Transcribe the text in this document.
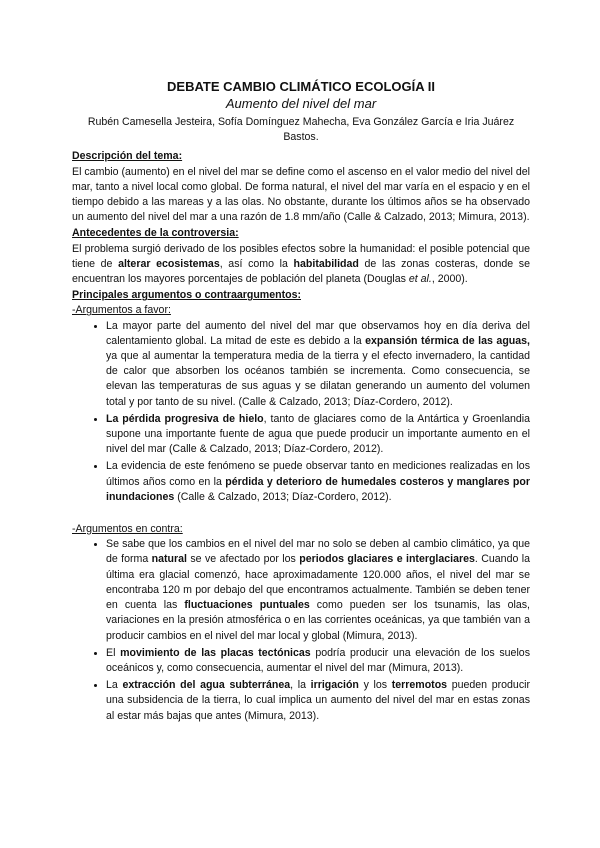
DEBATE CAMBIO CLIMÁTICO ECOLOGÍA II
Aumento del nivel del mar
Rubén Camesella Jesteira, Sofía Domínguez Mahecha, Eva González García e Iria Juárez Bastos.
Descripción del tema:

El cambio (aumento) en el nivel del mar se define como el ascenso en el valor medio del nivel del mar, tanto a nivel local como global. De forma natural, el nivel del mar varía en el espacio y en el tiempo debido a las mareas y a las olas. No obstante, durante los últimos años se ha observado un aumento del nivel del mar a una razón de 1.8 mm/año (Calle & Calzado, 2013; Mimura, 2013).

Antecedentes de la controversia:

El problema surgió derivado de los posibles efectos sobre la humanidad: el posible potencial que tiene de alterar ecosistemas, así como la habitabilidad de las zonas costeras, donde se encuentran los mayores porcentajes de población del planeta (Douglas et al., 2000).

Principales argumentos o contraargumentos:
-Argumentos a favor:
• La mayor parte del aumento del nivel del mar que observamos hoy en día deriva del calentamiento global. La mitad de este es debido a la expansión térmica de las aguas, ya que al aumentar la temperatura media de la tierra y el efecto invernadero, la cantidad de calor que absorben los océanos también se incrementa. Como consecuencia, se elevan las temperaturas de sus aguas y se dilatan generando un aumento del volumen total y por tanto de su nivel. (Calle & Calzado, 2013; Díaz-Cordero, 2012).
• La pérdida progresiva de hielo, tanto de glaciares como de la Antártica y Groenlandia supone una importante fuente de agua que puede producir un importante aumento en el nivel del mar (Calle & Calzado, 2013; Díaz-Cordero, 2012).
• La evidencia de este fenómeno se puede observar tanto en mediciones realizadas en los últimos años como en la pérdida y deterioro de humedales costeros y manglares por inundaciones (Calle & Calzado, 2013; Díaz-Cordero, 2012).
-Argumentos en contra:
• Se sabe que los cambios en el nivel del mar no solo se deben al cambio climático, ya que de forma natural se ve afectado por los periodos glaciares e interglaciares. Cuando la última era glacial comenzó, hace aproximadamente 120.000 años, el nivel del mar se encontraba 120 m por debajo del que encontramos actualmente. También se deben tener en cuenta las fluctuaciones puntuales como pueden ser los tsunamis, las olas, variaciones en la presión atmosférica o en las corrientes oceánicas, ya que también van a producir cambios en el nivel del mar local y global (Mimura, 2013).
• El movimiento de las placas tectónicas podría producir una elevación de los suelos oceánicos y, como consecuencia, aumentar el nivel del mar (Mimura, 2013).
• La extracción del agua subterránea, la irrigación y los terremotos pueden producir una subsidencia de la tierra, lo cual implica un aumento del nivel del mar en estas zonas al estar más bajas que antes (Mimura, 2013).
